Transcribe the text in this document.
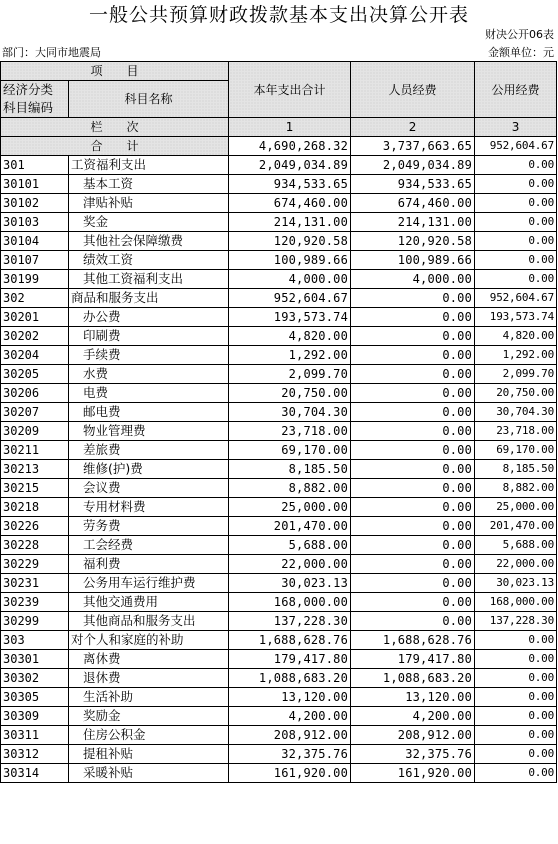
一般公共预算财政拨款基本支出决算公开表
财决公开06表
部门：大同市地震局	金额单位：元
项　　目		本年支出合计	人员经费	公用经费
经济分类
科目编码	科目名称			

栏　　次		1	2	3
合　　计		4,690,268.32	3,737,663.65	952,604.67
301	工资福利支出	2,049,034.89	2,049,034.89	0.00
30101	基本工资	934,533.65	934,533.65	0.00
30102	津贴补贴	674,460.00	674,460.00	0.00
30103	奖金	214,131.00	214,131.00	0.00
30104	其他社会保障缴费	120,920.58	120,920.58	0.00
30107	绩效工资	100,989.66	100,989.66	0.00
30199	其他工资福利支出	4,000.00	4,000.00	0.00
302	商品和服务支出	952,604.67	0.00	952,604.67
30201	办公费	193,573.74	0.00	193,573.74
30202	印刷费	4,820.00	0.00	4,820.00
30204	手续费	1,292.00	0.00	1,292.00
30205	水费	2,099.70	0.00	2,099.70
30206	电费	20,750.00	0.00	20,750.00
30207	邮电费	30,704.30	0.00	30,704.30
30209	物业管理费	23,718.00	0.00	23,718.00
30211	差旅费	69,170.00	0.00	69,170.00
30213	维修(护)费	8,185.50	0.00	8,185.50
30215	会议费	8,882.00	0.00	8,882.00
30218	专用材料费	25,000.00	0.00	25,000.00
30226	劳务费	201,470.00	0.00	201,470.00
30228	工会经费	5,688.00	0.00	5,688.00
30229	福利费	22,000.00	0.00	22,000.00
30231	公务用车运行维护费	30,023.13	0.00	30,023.13
30239	其他交通费用	168,000.00	0.00	168,000.00
30299	其他商品和服务支出	137,228.30	0.00	137,228.30
303	对个人和家庭的补助	1,688,628.76	1,688,628.76	0.00
30301	离休费	179,417.80	179,417.80	0.00
30302	退休费	1,088,683.20	1,088,683.20	0.00
30305	生活补助	13,120.00	13,120.00	0.00
30309	奖励金	4,200.00	4,200.00	0.00
30311	住房公积金	208,912.00	208,912.00	0.00
30312	提租补贴	32,375.76	32,375.76	0.00
30314	采暖补贴	161,920.00	161,920.00	0.00
